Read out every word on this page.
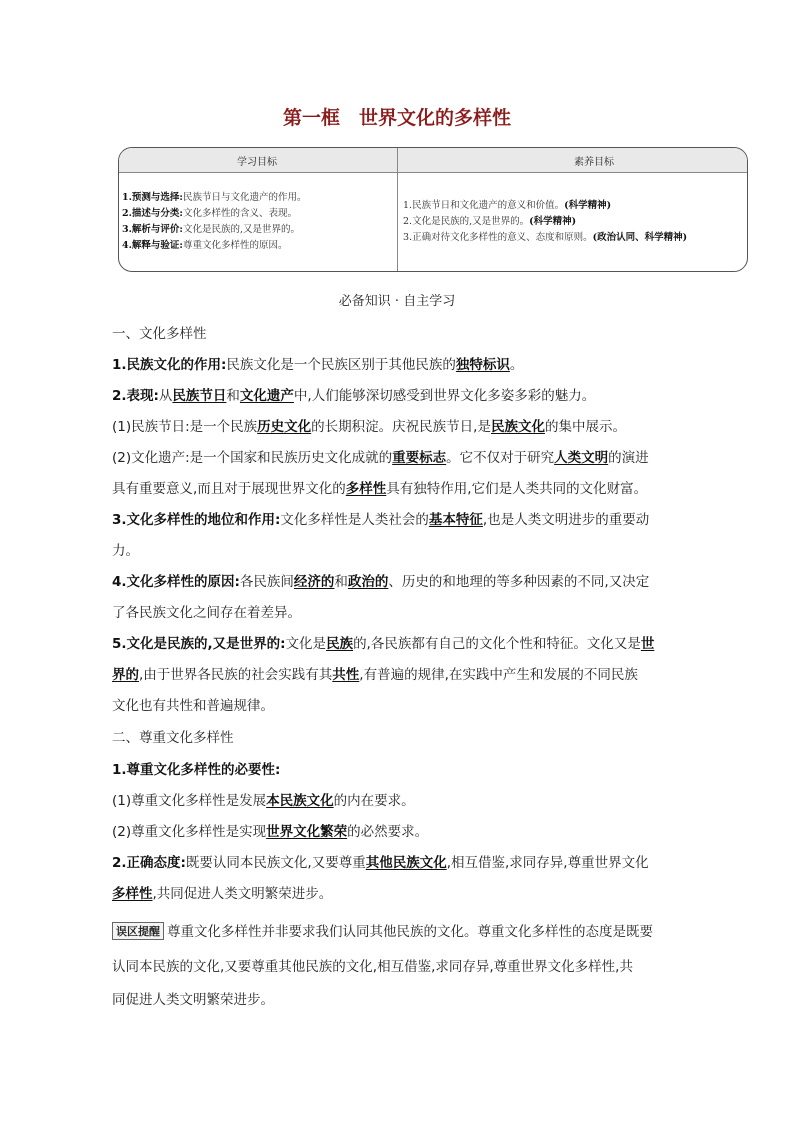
第一框　世界文化的多样性
学习目标	素养目标
1.预测与选择:民族节日与文化遗产的作用。
2.描述与分类:文化多样性的含义、表现。
3.解析与评价:文化是民族的,又是世界的。
4.解释与验证:尊重文化多样性的原因。
1.民族节日和文化遗产的意义和价值。(科学精神)
2.文化是民族的,又是世界的。(科学精神)
3.正确对待文化多样性的意义、态度和原则。(政治认同、科学精神)
必备知识 · 自主学习
一、文化多样性
1.民族文化的作用:民族文化是一个民族区别于其他民族的独特标识。
2.表现:从民族节日和文化遗产中,人们能够深切感受到世界文化多姿多彩的魅力。
(1)民族节日:是一个民族历史文化的长期积淀。庆祝民族节日,是民族文化的集中展示。
(2)文化遗产:是一个国家和民族历史文化成就的重要标志。它不仅对于研究人类文明的演进
具有重要意义,而且对于展现世界文化的多样性具有独特作用,它们是人类共同的文化财富。
3.文化多样性的地位和作用:文化多样性是人类社会的基本特征,也是人类文明进步的重要动
力。
4.文化多样性的原因:各民族间经济的和政治的、历史的和地理的等多种因素的不同,又决定
了各民族文化之间存在着差异。
5.文化是民族的,又是世界的:文化是民族的,各民族都有自己的文化个性和特征。文化又是世
界的,由于世界各民族的社会实践有其共性,有普遍的规律,在实践中产生和发展的不同民族
文化也有共性和普遍规律。
二、尊重文化多样性
1.尊重文化多样性的必要性:
(1)尊重文化多样性是发展本民族文化的内在要求。
(2)尊重文化多样性是实现世界文化繁荣的必然要求。
2.正确态度:既要认同本民族文化,又要尊重其他民族文化,相互借鉴,求同存异,尊重世界文化
多样性,共同促进人类文明繁荣进步。
误区提醒 尊重文化多样性并非要求我们认同其他民族的文化。尊重文化多样性的态度是既要
认同本民族的文化,又要尊重其他民族的文化,相互借鉴,求同存异,尊重世界文化多样性,共
同促进人类文明繁荣进步。
